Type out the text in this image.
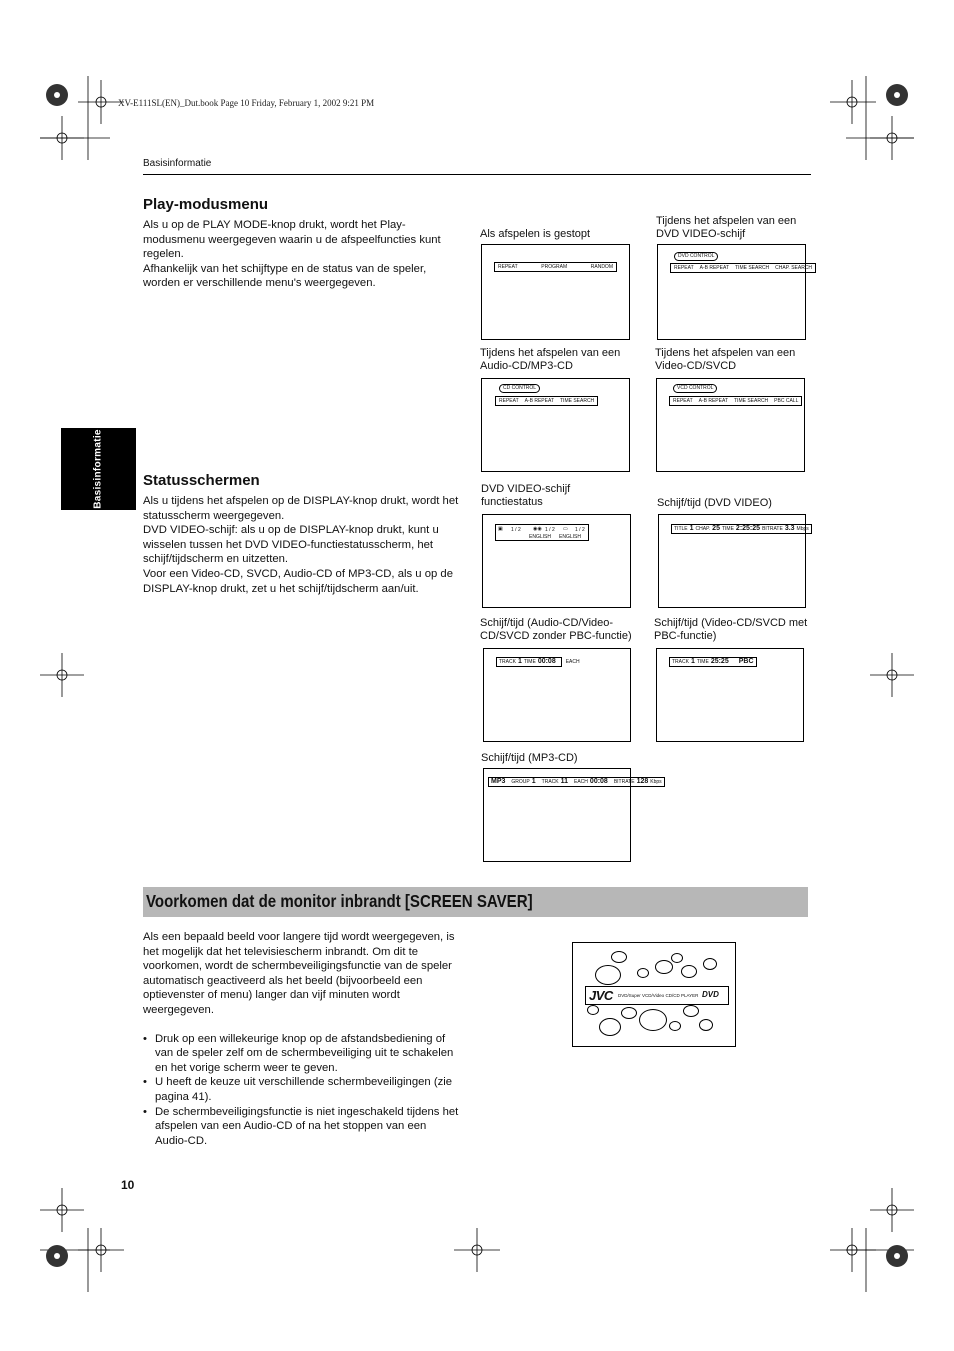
XV-E111SL(EN)_Dut.book Page 10 Friday, February 1, 2002 9:21 PM
Basisinformatie
Basisinformatie
Play-modusmenu

Als u op de PLAY MODE-knop drukt, wordt het Play-modusmenu weergegeven waarin u de afspeelfuncties kunt regelen.

Afhankelijk van het schijftype en de status van de speler, worden er verschillende menu's weergegeven.

Statusschermen

Als u tijdens het afspelen op de DISPLAY-knop drukt, wordt het statusscherm weergegeven.

DVD VIDEO-schijf: als u op de DISPLAY-knop drukt, kunt u wisselen tussen het DVD VIDEO-functiestatusscherm, het schijf/tijdscherm en uitzetten.

Voor een Video-CD, SVCD, Audio-CD of MP3-CD, als u op de DISPLAY-knop drukt, zet u het schijf/tijdscherm aan/uit.

Als afspelen is gestopt
REPEAT	PROGRAM	RANDOM
Tijdens het afspelen van een DVD VIDEO-schijf
DVD CONTROL
REPEAT A-B REPEAT TIME SEARCH CHAP. SEARCH
Tijdens het afspelen van een Audio-CD/MP3-CD
CD CONTROL
REPEAT A-B REPEAT TIME SEARCH
Tijdens het afspelen van een Video-CD/SVCD
VCD CONTROL
REPEAT A-B REPEAT TIME SEARCH PBC CALL
DVD VIDEO-schijf functiestatus
▣ 1 / 2 ◉◉ 1 / 2 ▭ 1 / 2
ENGLISH ENGLISH
Schijf/tijd (DVD VIDEO)
TITLE 1 CHAP. 25 TIME 2:25:25 BITRATE 3.3 Mbps
Schijf/tijd (Audio-CD/Video-CD/SVCD zonder PBC-functie)
TRACK 1 TIME 00:08 EACH
Schijf/tijd (Video-CD/SVCD met PBC-functie)
TRACK 1 TIME 25:25 PBC
Schijf/tijd (MP3-CD)
MP3 GROUP 1 TRACK 11 EACH 00:08 BITRATE 128 Kbps
Voorkomen dat de monitor inbrandt [SCREEN SAVER]

Als een bepaald beeld voor langere tijd wordt weergegeven, is het mogelijk dat het televisiescherm inbrandt. Om dit te voorkomen, wordt de schermbeveiligingsfunctie van de speler automatisch geactiveerd als het beeld (bijvoorbeeld een optievenster of menu) langer dan vijf minuten wordt weergegeven.

• Druk op een willekeurige knop op de afstandsbediening of van de speler zelf om de schermbeveiliging uit te schakelen en het vorige scherm weer te geven.
• U heeft de keuze uit verschillende schermbeveiligingen (zie pagina 41).
• De schermbeveiligingsfunctie is niet ingeschakeld tijdens het afspelen van een Audio-CD of na het stoppen van een Audio-CD.
JVC DVD/Super VCD/Video CD/CD PLAYER DVD
10
